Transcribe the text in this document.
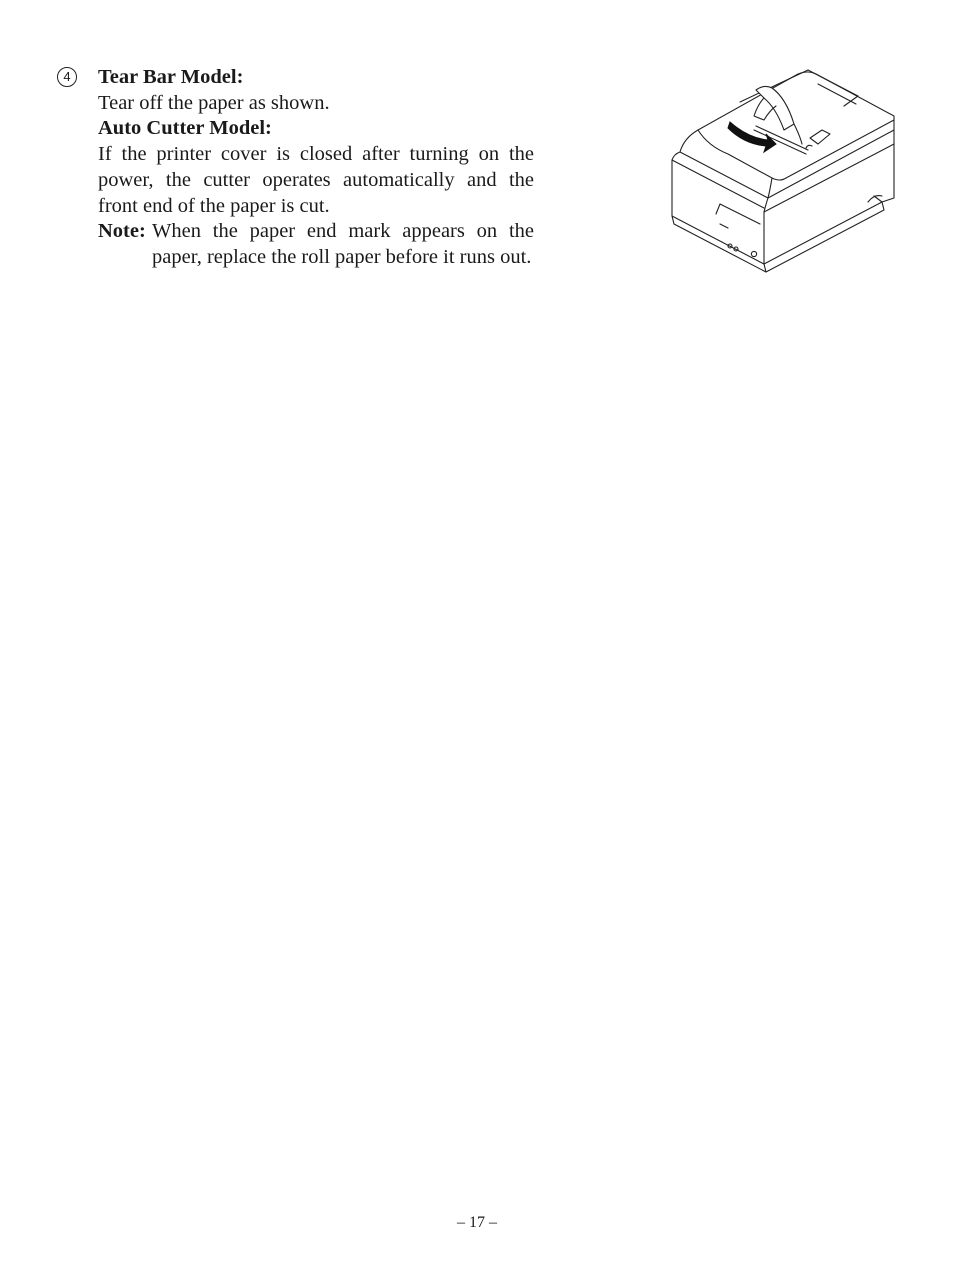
4	Tear Bar Model:

Tear off the paper as shown.

Auto Cutter Model:

If the printer cover is closed after turning on the power, the cutter operates automatically and the front end of the paper is cut.

Note: When the paper end mark appears on the paper, replace the roll paper before it runs out.

– 17 –
